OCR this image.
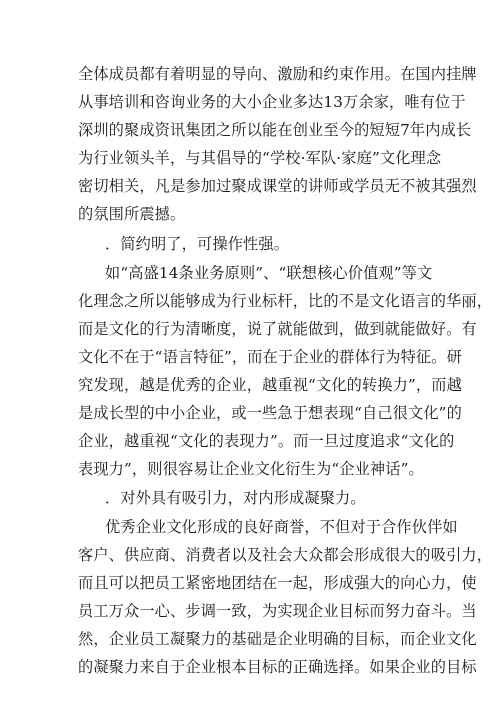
全体成员都有着明显的导向、激励和约束作用。在国内挂牌
从事培训和咨询业务的大小企业多达13万余家，唯有位于
深圳的聚成资讯集团之所以能在创业至今的短短7年内成长
为行业领头羊，与其倡导的“学校·军队·家庭”文化理念
密切相关，凡是参加过聚成课堂的讲师或学员无不被其强烈
的氛围所震撼。
．简约明了，可操作性强。
如“高盛14条业务原则”、“联想核心价值观”等文
化理念之所以能够成为行业标杆，比的不是文化语言的华丽，
而是文化的行为清晰度，说了就能做到，做到就能做好。有
文化不在于“语言特征”，而在于企业的群体行为特征。研
究发现，越是优秀的企业，越重视“文化的转换力”，而越
是成长型的中小企业，或一些急于想表现“自己很文化”的
企业，越重视“文化的表现力”。而一旦过度追求“文化的
表现力”，则很容易让企业文化衍生为“企业神话”。
．对外具有吸引力，对内形成凝聚力。
优秀企业文化形成的良好商誉，不但对于合作伙伴如
客户、供应商、消费者以及社会大众都会形成很大的吸引力，
而且可以把员工紧密地团结在一起，形成强大的向心力，使
员工万众一心、步调一致，为实现企业目标而努力奋斗。当
然，企业员工凝聚力的基础是企业明确的目标，而企业文化
的凝聚力来自于企业根本目标的正确选择。如果企业的目标
